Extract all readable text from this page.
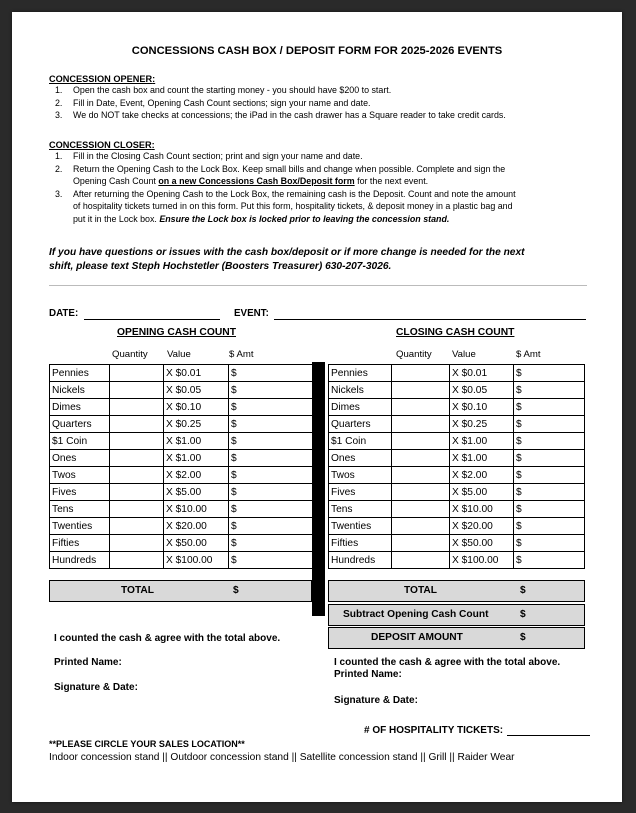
CONCESSIONS CASH BOX / DEPOSIT FORM FOR 2025-2026 EVENTS
CONCESSION OPENER:
1. Open the cash box and count the starting money - you should have $200 to start.
2. Fill in Date, Event, Opening Cash Count sections; sign your name and date.
3. We do NOT take checks at concessions; the iPad in the cash drawer has a Square reader to take credit cards.
CONCESSION CLOSER:
1. Fill in the Closing Cash Count section; print and sign your name and date.
2. Return the Opening Cash to the Lock Box. Keep small bills and change when possible. Complete and sign the
Opening Cash Count on a new Concessions Cash Box/Deposit form for the next event.
3. After returning the Opening Cash to the Lock Box, the remaining cash is the Deposit. Count and note the amount
of hospitality tickets turned in on this form. Put this form, hospitality tickets, & deposit money in a plastic bag and
put it in the Lock box. Ensure the Lock box is locked prior to leaving the concession stand.
If you have questions or issues with the cash box/deposit or if more change is needed for the next
shift, please text Steph Hochstetler (Boosters Treasurer) 630-207-3026.
DATE:	EVENT:
OPENING CASH COUNT	CLOSING CASH COUNT
Quantity Value	$ Amt	Quantity Value	$ Amt
Pennies		X $0.01	$
Nickels		X $0.05	$
Dimes		X $0.10	$
Quarters		X $0.25	$
$1 Coin		X $1.00	$
Ones		X $1.00	$
Twos		X $2.00	$
Fives		X $5.00	$
Tens		X $10.00	$
Twenties		X $20.00	$
Fifties		X $50.00	$
Hundreds		X $100.00	$
TOTAL	$
Pennies		X $0.01	$
Nickels		X $0.05	$
Dimes		X $0.10	$
Quarters		X $0.25	$
$1 Coin		X $1.00	$
Ones		X $1.00	$
Twos		X $2.00	$
Fives		X $5.00	$
Tens		X $10.00	$
Twenties		X $20.00	$
Fifties		X $50.00	$
Hundreds		X $100.00	$
TOTAL	$
Subtract Opening Cash Count	$
DEPOSIT AMOUNT	$
I counted the cash & agree with the total above.
Printed Name:
Signature & Date:
I counted the cash & agree with the total above.
Printed Name:
Signature & Date:
# OF HOSPITALITY TICKETS:
**PLEASE CIRCLE YOUR SALES LOCATION**
Indoor concession stand || Outdoor concession stand || Satellite concession stand || Grill || Raider Wear
